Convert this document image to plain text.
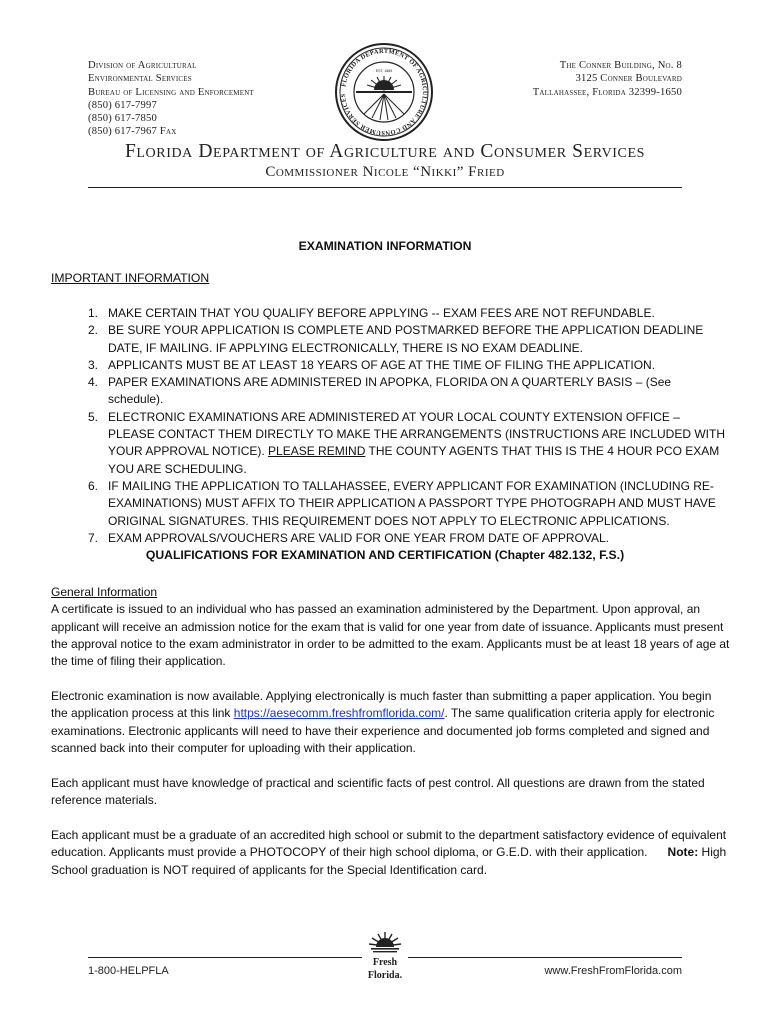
Division of Agricultural
Environmental Services
Bureau of Licensing and Enforcement
(850) 617-7997
(850) 617-7850
(850) 617-7967 Fax
FLORIDA DEPARTMENT OF AGRICULTURE AND CONSUMER SERVICES
EST. 1889	The Conner Building, No. 8
3125 Conner Boulevard
Tallahassee, Florida 32399-1650
Florida Department of Agriculture and Consumer Services
Commissioner Nicole “Nikki” Fried
EXAMINATION INFORMATION
IMPORTANT INFORMATION
1. MAKE CERTAIN THAT YOU QUALIFY BEFORE APPLYING -- EXAM FEES ARE NOT REFUNDABLE.
2. BE SURE YOUR APPLICATION IS COMPLETE AND POSTMARKED BEFORE THE APPLICATION DEADLINE DATE, IF MAILING. IF APPLYING ELECTRONICALLY, THERE IS NO EXAM DEADLINE.
3. APPLICANTS MUST BE AT LEAST 18 YEARS OF AGE AT THE TIME OF FILING THE APPLICATION.
4. PAPER EXAMINATIONS ARE ADMINISTERED IN APOPKA, FLORIDA ON A QUARTERLY BASIS – (See schedule).
5. ELECTRONIC EXAMINATIONS ARE ADMINISTERED AT YOUR LOCAL COUNTY EXTENSION OFFICE – PLEASE CONTACT THEM DIRECTLY TO MAKE THE ARRANGEMENTS (INSTRUCTIONS ARE INCLUDED WITH YOUR APPROVAL NOTICE). PLEASE REMIND THE COUNTY AGENTS THAT THIS IS THE 4 HOUR PCO EXAM YOU ARE SCHEDULING.
6. IF MAILING THE APPLICATION TO TALLAHASSEE, EVERY APPLICANT FOR EXAMINATION (INCLUDING RE-EXAMINATIONS) MUST AFFIX TO THEIR APPLICATION A PASSPORT TYPE PHOTOGRAPH AND MUST HAVE ORIGINAL SIGNATURES. THIS REQUIREMENT DOES NOT APPLY TO ELECTRONIC APPLICATIONS.
7. EXAM APPROVALS/VOUCHERS ARE VALID FOR ONE YEAR FROM DATE OF APPROVAL.
QUALIFICATIONS FOR EXAMINATION AND CERTIFICATION (Chapter 482.132, F.S.)
General Information
A certificate is issued to an individual who has passed an examination administered by the Department. Upon approval, an applicant will receive an admission notice for the exam that is valid for one year from date of issuance. Applicants must present the approval notice to the exam administrator in order to be admitted to the exam. Applicants must be at least 18 years of age at the time of filing their application.

Electronic examination is now available. Applying electronically is much faster than submitting a paper application. You begin the application process at this link https://aesecomm.freshfromflorida.com/. The same qualification criteria apply for electronic examinations. Electronic applicants will need to have their experience and documented job forms completed and signed and scanned back into their computer for uploading with their application.

Each applicant must have knowledge of practical and scientific facts of pest control. All questions are drawn from the stated reference materials.

Each applicant must be a graduate of an accredited high school or submit to the department satisfactory evidence of equivalent education. Applicants must provide a PHOTOCOPY of their high school diploma, or G.E.D. with their application. Note: High School graduation is NOT required of applicants for the Special Identification card.

Fresh
Florida.
1-800-HELPFLA	www.FreshFromFlorida.com
